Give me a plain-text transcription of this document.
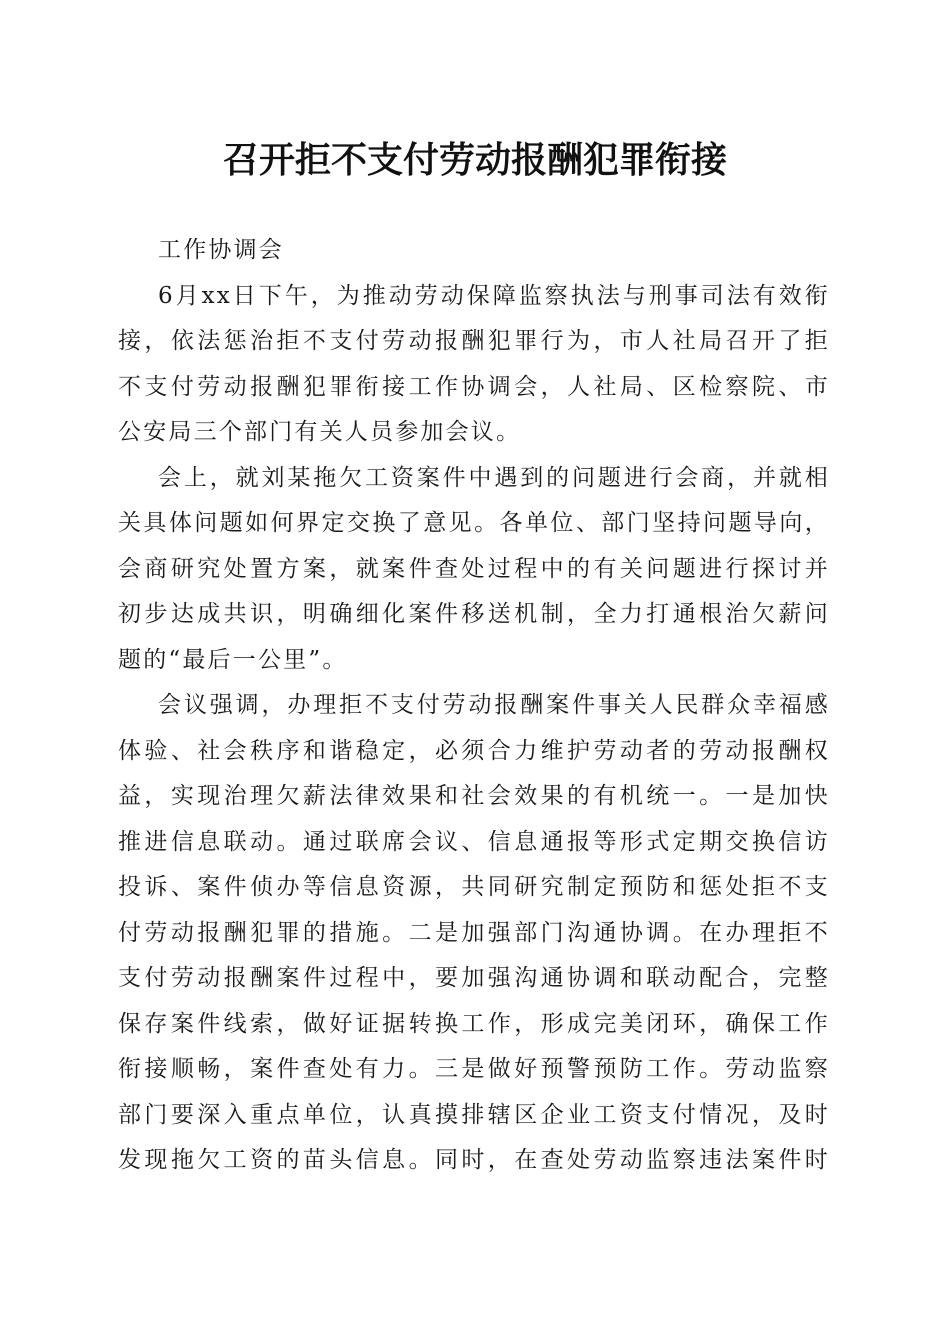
召开拒不支付劳动报酬犯罪衔接
工作协调会
6月xx日下午，为推动劳动保障监察执法与刑事司法有效衔
接，依法惩治拒不支付劳动报酬犯罪行为，市人社局召开了拒
不支付劳动报酬犯罪衔接工作协调会，人社局、区检察院、市
公安局三个部门有关人员参加会议。
会上，就刘某拖欠工资案件中遇到的问题进行会商，并就相
关具体问题如何界定交换了意见。各单位、部门坚持问题导向，
会商研究处置方案，就案件查处过程中的有关问题进行探讨并
初步达成共识，明确细化案件移送机制，全力打通根治欠薪问
题的“最后一公里”。
会议强调，办理拒不支付劳动报酬案件事关人民群众幸福感
体验、社会秩序和谐稳定，必须合力维护劳动者的劳动报酬权
益，实现治理欠薪法律效果和社会效果的有机统一。一是加快
推进信息联动。通过联席会议、信息通报等形式定期交换信访
投诉、案件侦办等信息资源，共同研究制定预防和惩处拒不支
付劳动报酬犯罪的措施。二是加强部门沟通协调。在办理拒不
支付劳动报酬案件过程中，要加强沟通协调和联动配合，完整
保存案件线索，做好证据转换工作，形成完美闭环，确保工作
衔接顺畅，案件查处有力。三是做好预警预防工作。劳动监察
部门要深入重点单位，认真摸排辖区企业工资支付情况，及时
发现拖欠工资的苗头信息。同时，在查处劳动监察违法案件时
